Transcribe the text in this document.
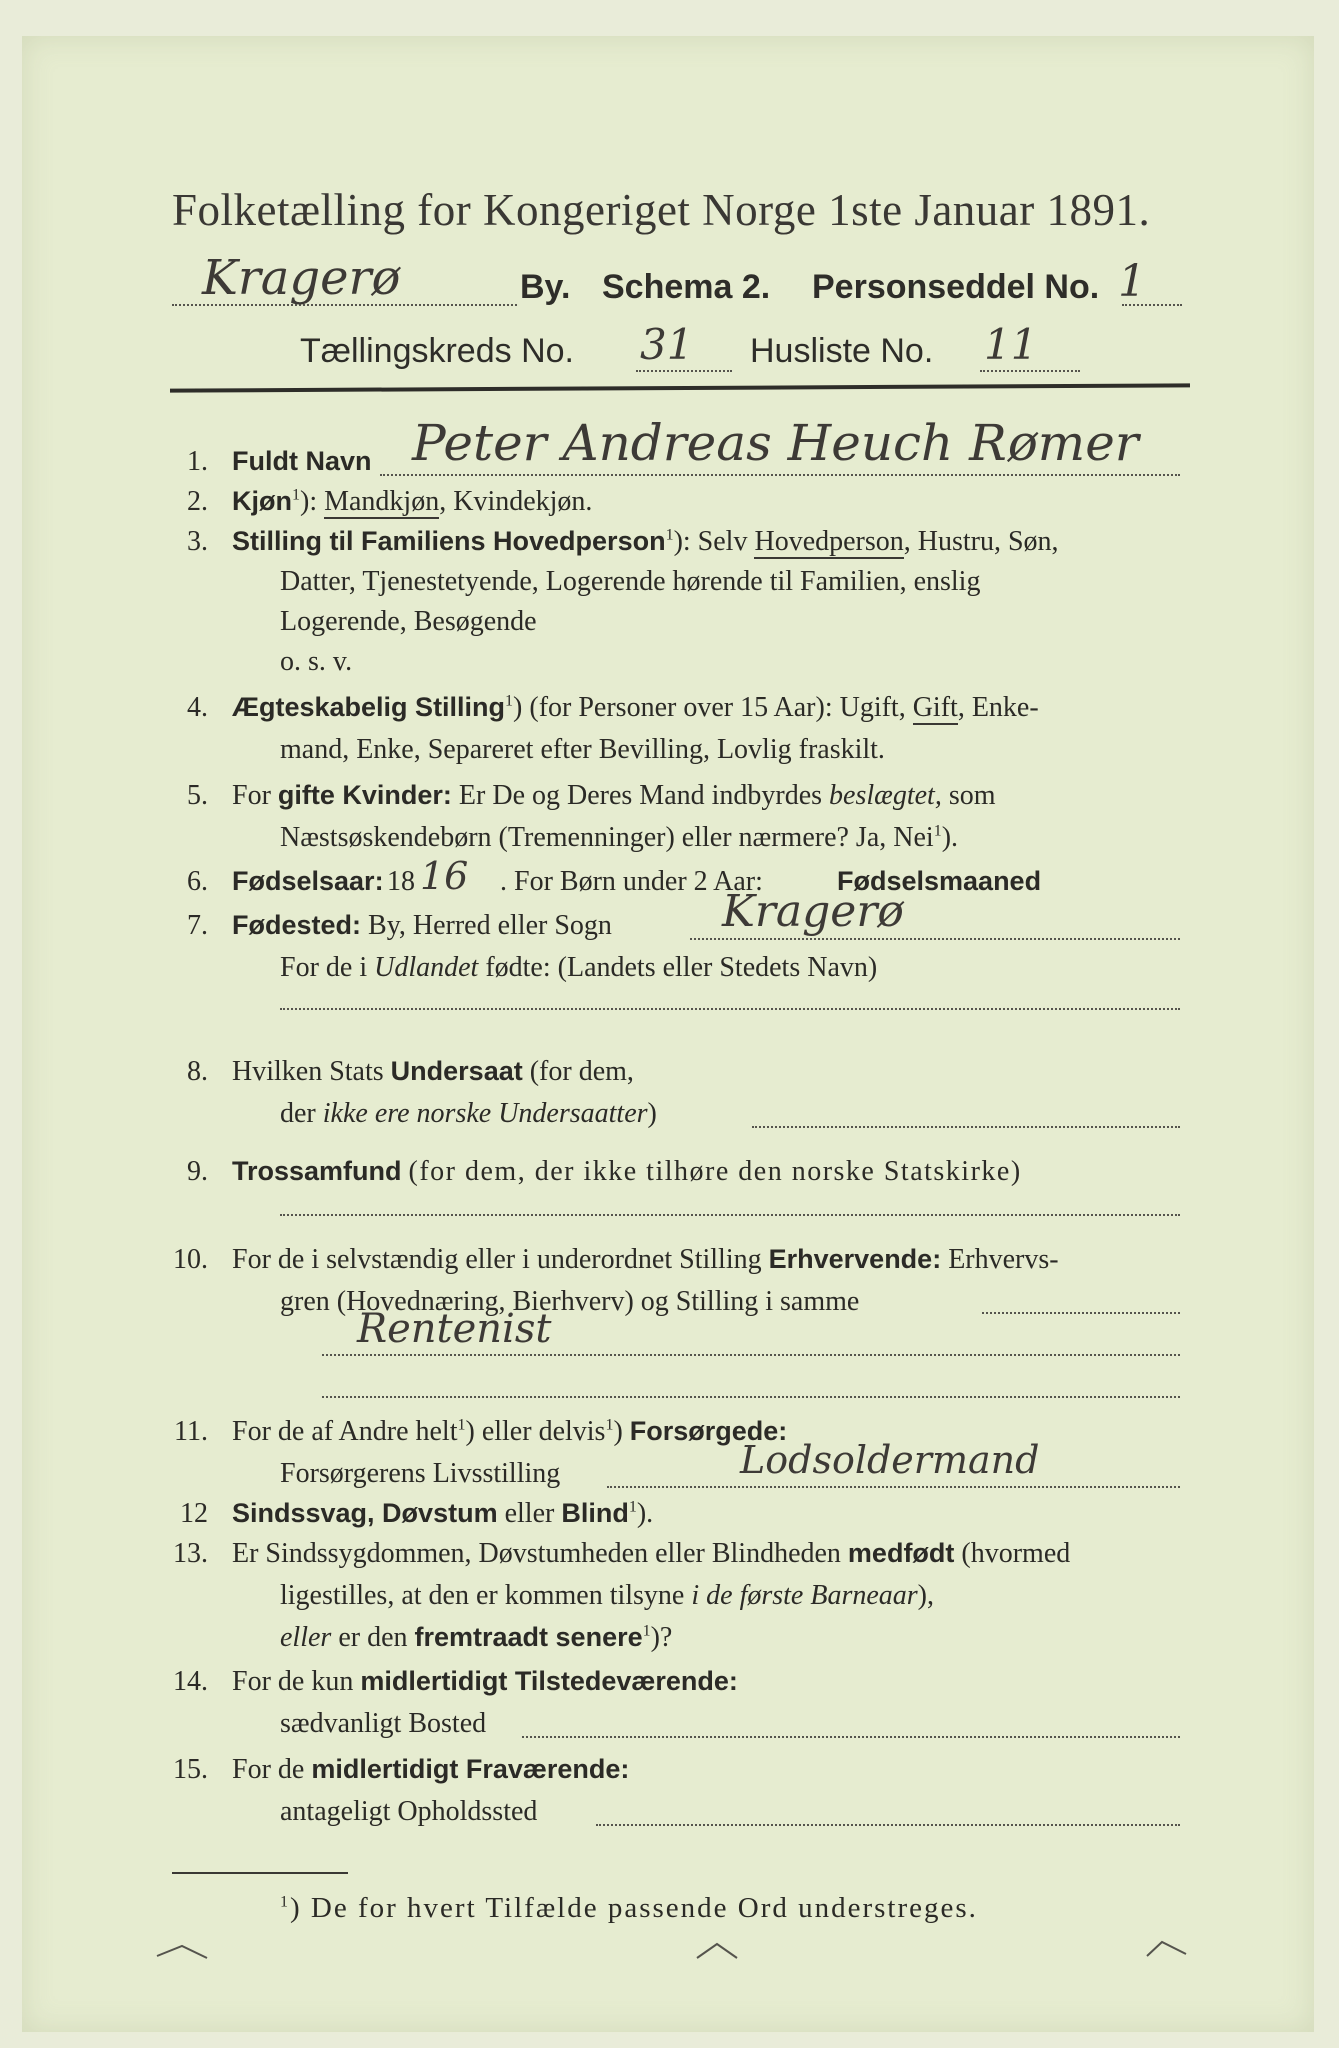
Folketælling for Kongeriget Norge 1ste Januar 1891.
Kragerø	By. Schema 2. Personseddel No. 1
Tællingskreds No. 31 Husliste No. 11
1. Fuldt Navn Peter Andreas Heuch Rømer
2. Kjøn$^1$): Mandkjøn, Kvindekjøn.
3. Stilling til Familiens Hovedperson$^1$): Selv Hovedperson, Hustru, Søn,
Datter, Tjenestetyende, Logerende hørende til Familien, enslig
Logerende, Besøgende
o. s. v.
4. Ægteskabelig Stilling$^1$) (for Personer over 15 Aar): Ugift, Gift, Enke-
mand, Enke, Separeret efter Bevilling, Lovlig fraskilt.
5. For gifte Kvinder: Er De og Deres Mand indbyrdes beslægtet, som
Næstsøskendebørn (Tremenninger) eller nærmere? Ja, Nei$^1$).
6. Fødselsaar: 18 16 . For Børn under 2 Aar:	Fødselsmaaned
7. Fødested: By, Herred eller Sogn	Kragerø
For de i Udlandet fødte: (Landets eller Stedets Navn)
8. Hvilken Stats Undersaat (for dem,
der ikke ere norske Undersaatter)
9. Trossamfund (for dem, der ikke tilhøre den norske Statskirke)
10. For de i selvstændig eller i underordnet Stilling Erhvervende: Erhvervs-
gren (Hovednæring, Bierhverv) og Stilling i samme
Rentenist
11. For de af Andre helt$^1$) eller delvis$^1$) Forsørgede:
Forsørgerens Livsstilling	Lodsoldermand
12 Sindssvag, Døvstum eller Blind$^1$).
13. Er Sindssygdommen, Døvstumheden eller Blindheden medfødt (hvormed
ligestilles, at den er kommen tilsyne i de første Barneaar),
eller er den fremtraadt senere$^1$)?
14. For de kun midlertidigt Tilstedeværende:
sædvanligt Bosted
15. For de midlertidigt Fraværende:
antageligt Opholdssted
$^1$) De for hvert Tilfælde passende Ord understreges.
